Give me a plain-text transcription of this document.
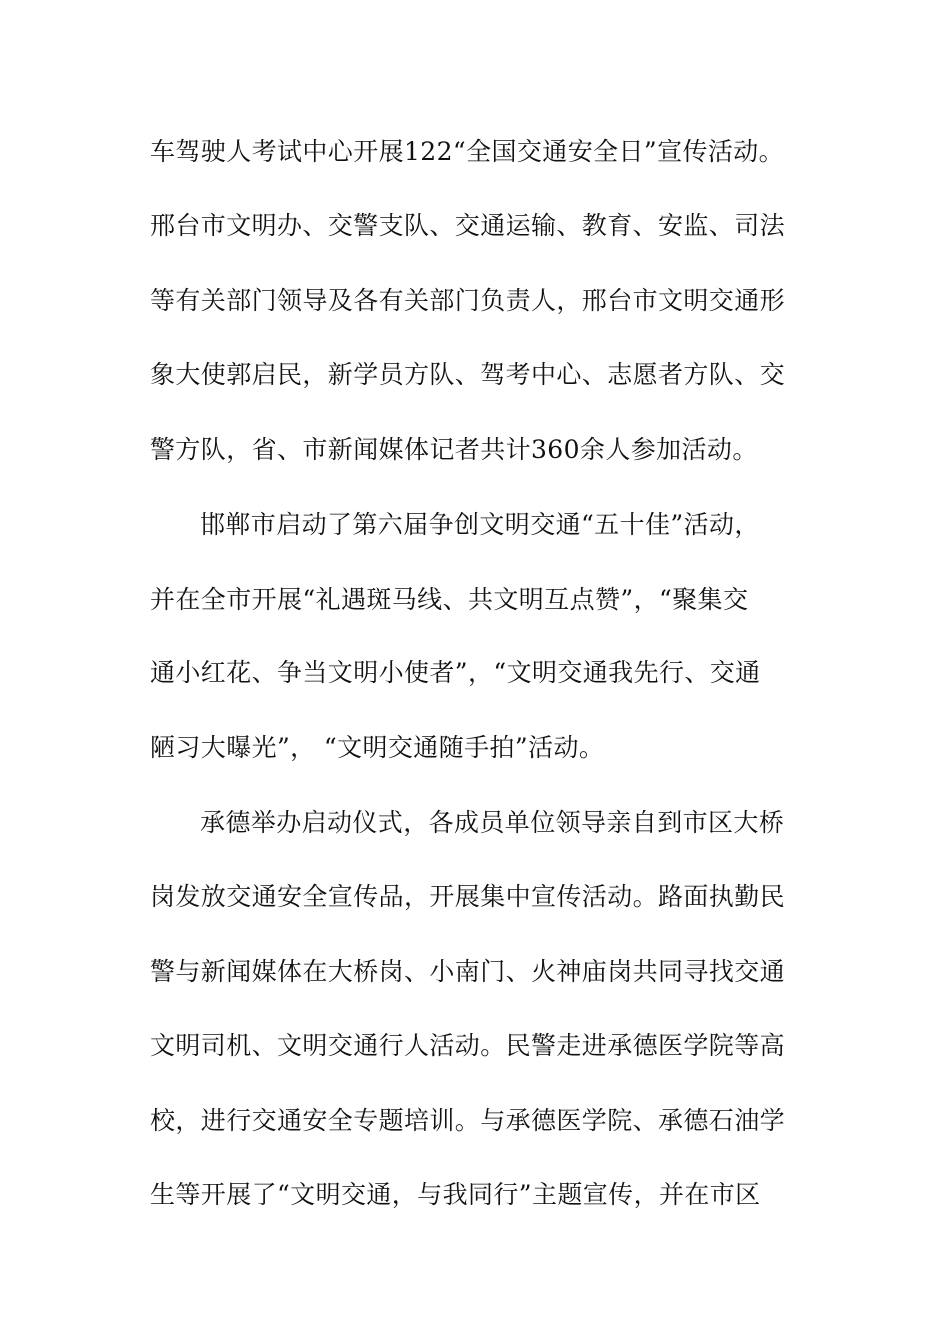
车驾驶人考试中心开展122“全国交通安全日”宣传活动。
邢台市文明办、交警支队、交通运输、教育、安监、司法
等有关部门领导及各有关部门负责人，邢台市文明交通形
象大使郭启民，新学员方队、驾考中心、志愿者方队、交
警方队，省、市新闻媒体记者共计360余人参加活动。
邯郸市启动了第六届争创文明交通“五十佳”活动，
并在全市开展“礼遇斑马线、共文明互点赞”，“聚集交
通小红花、争当文明小使者”，“文明交通我先行、交通
陋习大曝光”， “文明交通随手拍”活动。
承德举办启动仪式，各成员单位领导亲自到市区大桥
岗发放交通安全宣传品，开展集中宣传活动。路面执勤民
警与新闻媒体在大桥岗、小南门、火神庙岗共同寻找交通
文明司机、文明交通行人活动。民警走进承德医学院等高
校，进行交通安全专题培训。与承德医学院、承德石油学
生等开展了“文明交通，与我同行”主题宣传，并在市区
